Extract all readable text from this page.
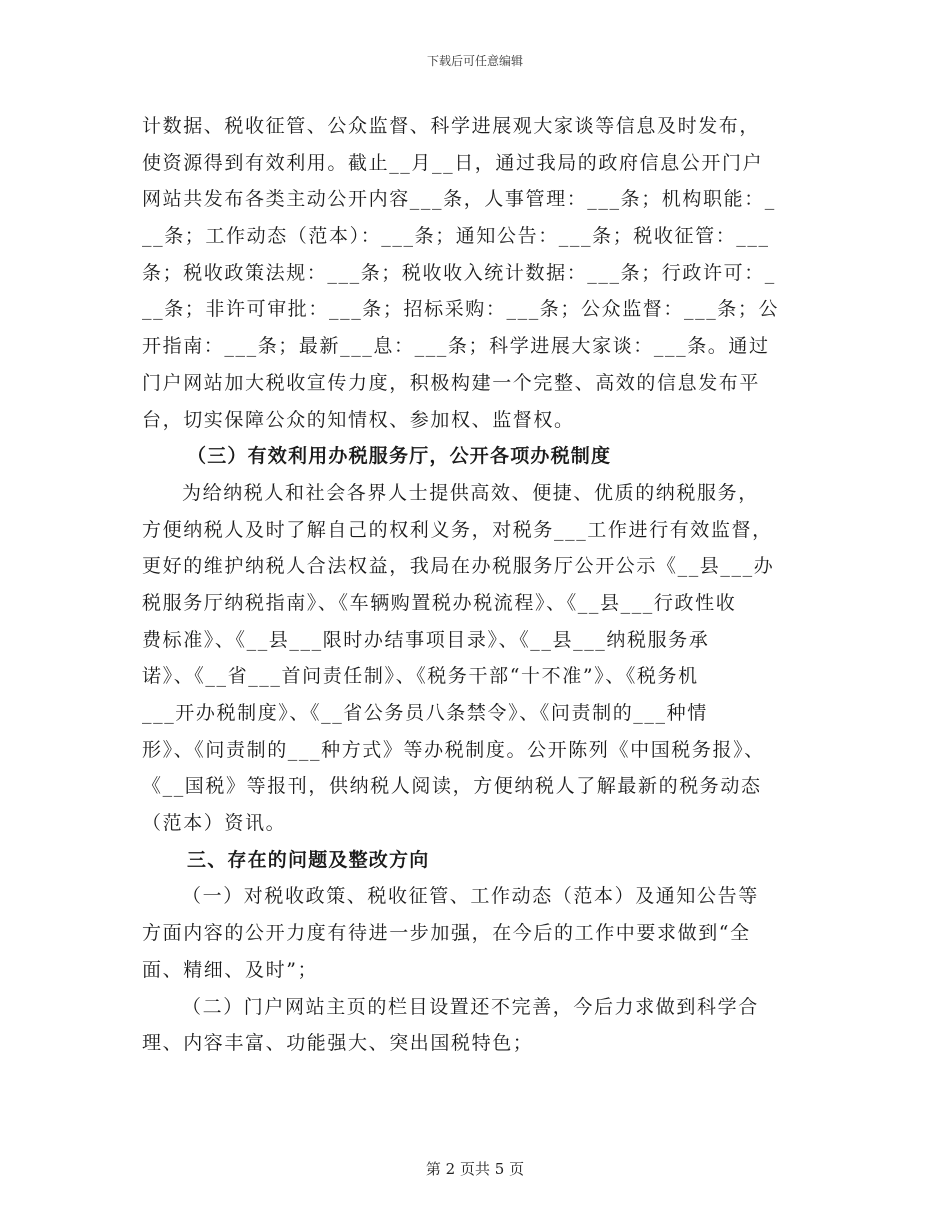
下载后可任意编辑
计数据、税收征管、公众监督、科学进展观大家谈等信息及时发布，
使资源得到有效利用。截止__月__日，通过我局的政府信息公开门户
网站共发布各类主动公开内容___条，人事管理：___条；机构职能：_
__条；工作动态（范本）：___条；通知公告：___条；税收征管：___
条；税收政策法规：___条；税收收入统计数据：___条；行政许可：_
__条；非许可审批：___条；招标采购：___条；公众监督：___条；公
开指南：___条；最新___息：___条；科学进展大家谈：___条。通过
门户网站加大税收宣传力度，积极构建一个完整、高效的信息发布平
台，切实保障公众的知情权、参加权、监督权。
（三）有效利用办税服务厅，公开各项办税制度
为给纳税人和社会各界人士提供高效、便捷、优质的纳税服务，
方便纳税人及时了解自己的权利义务，对税务___工作进行有效监督，
更好的维护纳税人合法权益，我局在办税服务厅公开公示《__县___办
税服务厅纳税指南》、《车辆购置税办税流程》、《__县___行政性收
费标准》、《__县___限时办结事项目录》、《__县___纳税服务承
诺》、《__省___首问责任制》、《税务干部“十不准”》、《税务机
___开办税制度》、《__省公务员八条禁令》、《问责制的___种情
形》、《问责制的___种方式》等办税制度。公开陈列《中国税务报》、
《__国税》等报刊，供纳税人阅读，方便纳税人了解最新的税务动态
（范本）资讯。
三、存在的问题及整改方向
（一）对税收政策、税收征管、工作动态（范本）及通知公告等
方面内容的公开力度有待进一步加强，在今后的工作中要求做到“全
面、精细、及时”；
（二）门户网站主页的栏目设置还不完善，今后力求做到科学合
理、内容丰富、功能强大、突出国税特色；
第 2 页共 5 页
